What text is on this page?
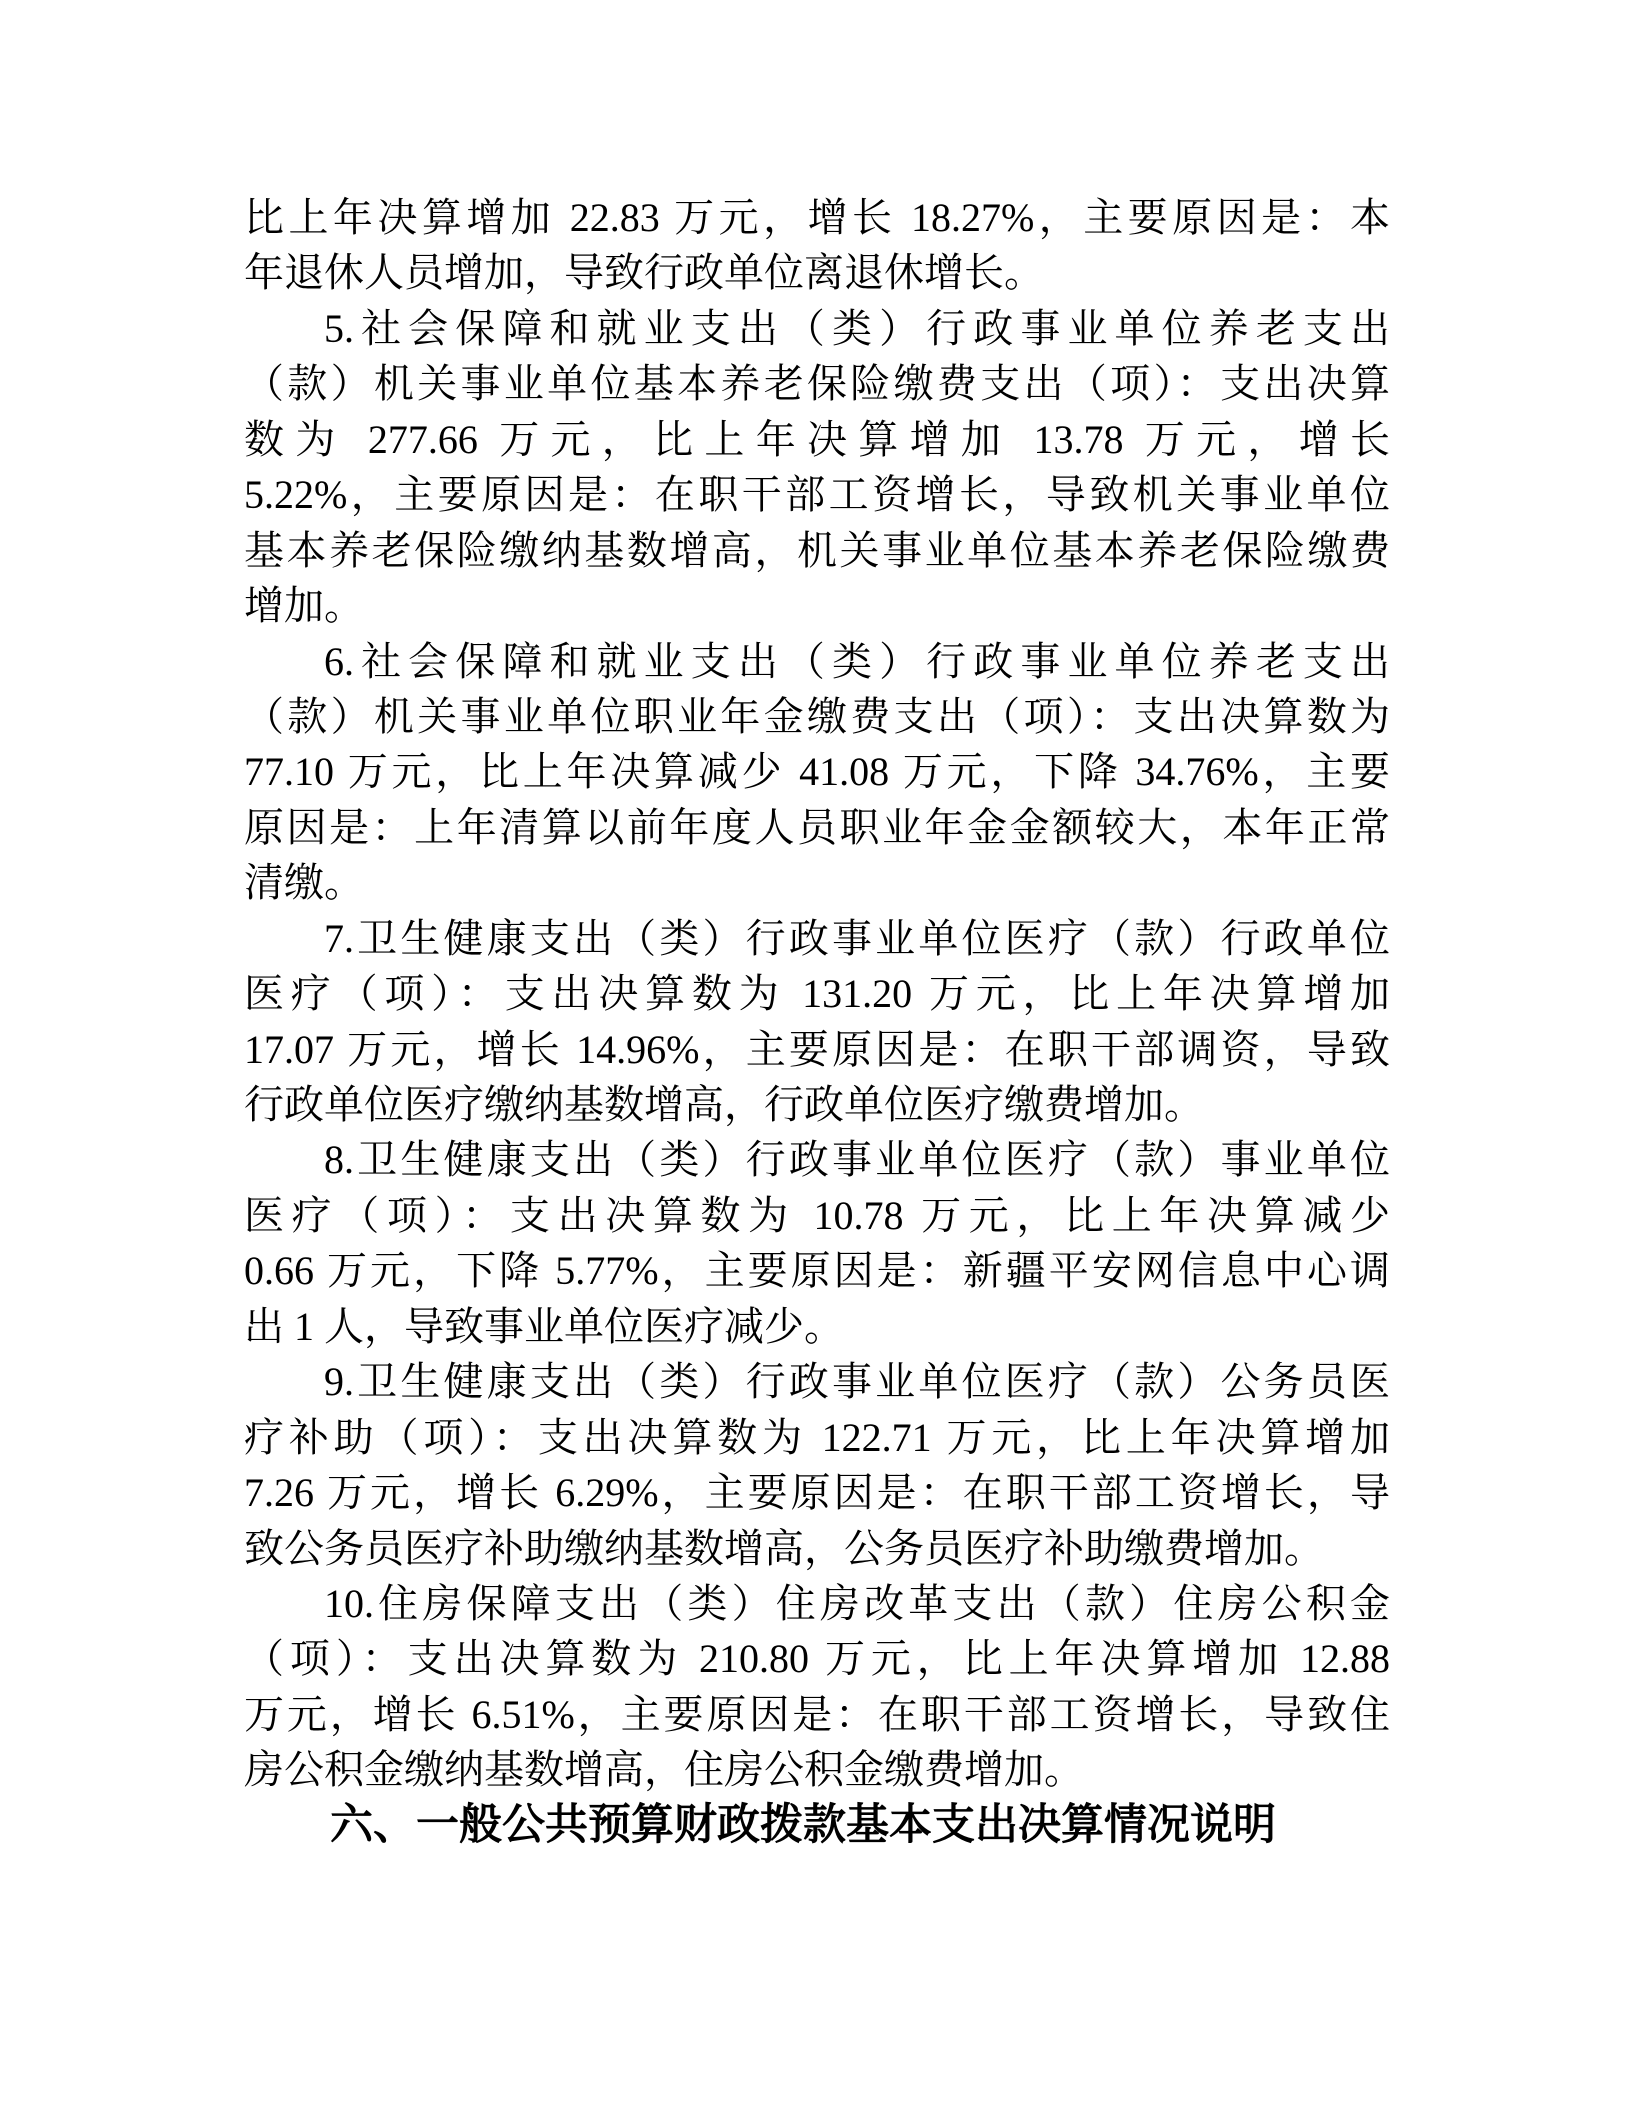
比上年决算增加 22.83 万元，增长 18.27%，主要原因是：本
年退休人员增加，导致行政单位离退休增长。
5.社会保障和就业支出（类）行政事业单位养老支出
（款）机关事业单位基本养老保险缴费支出（项）：支出决算
数为 277.66 万元，比上年决算增加 13.78 万元，增长
5.22%，主要原因是：在职干部工资增长，导致机关事业单位
基本养老保险缴纳基数增高，机关事业单位基本养老保险缴费
增加。
6.社会保障和就业支出（类）行政事业单位养老支出
（款）机关事业单位职业年金缴费支出（项）：支出决算数为
77.10 万元，比上年决算减少 41.08 万元，下降 34.76%，主要
原因是：上年清算以前年度人员职业年金金额较大，本年正常
清缴。
7.卫生健康支出（类）行政事业单位医疗（款）行政单位
医疗（项）：支出决算数为 131.20 万元，比上年决算增加
17.07 万元，增长 14.96%，主要原因是：在职干部调资，导致
行政单位医疗缴纳基数增高，行政单位医疗缴费增加。
8.卫生健康支出（类）行政事业单位医疗（款）事业单位
医疗（项）：支出决算数为 10.78 万元，比上年决算减少
0.66 万元，下降 5.77%，主要原因是：新疆平安网信息中心调
出 1 人，导致事业单位医疗减少。
9.卫生健康支出（类）行政事业单位医疗（款）公务员医
疗补助（项）：支出决算数为 122.71 万元，比上年决算增加
7.26 万元，增长 6.29%，主要原因是：在职干部工资增长，导
致公务员医疗补助缴纳基数增高，公务员医疗补助缴费增加。
10.住房保障支出（类）住房改革支出（款）住房公积金
（项）：支出决算数为 210.80 万元，比上年决算增加 12.88
万元，增长 6.51%，主要原因是：在职干部工资增长，导致住
房公积金缴纳基数增高，住房公积金缴费增加。
六、一般公共预算财政拨款基本支出决算情况说明
